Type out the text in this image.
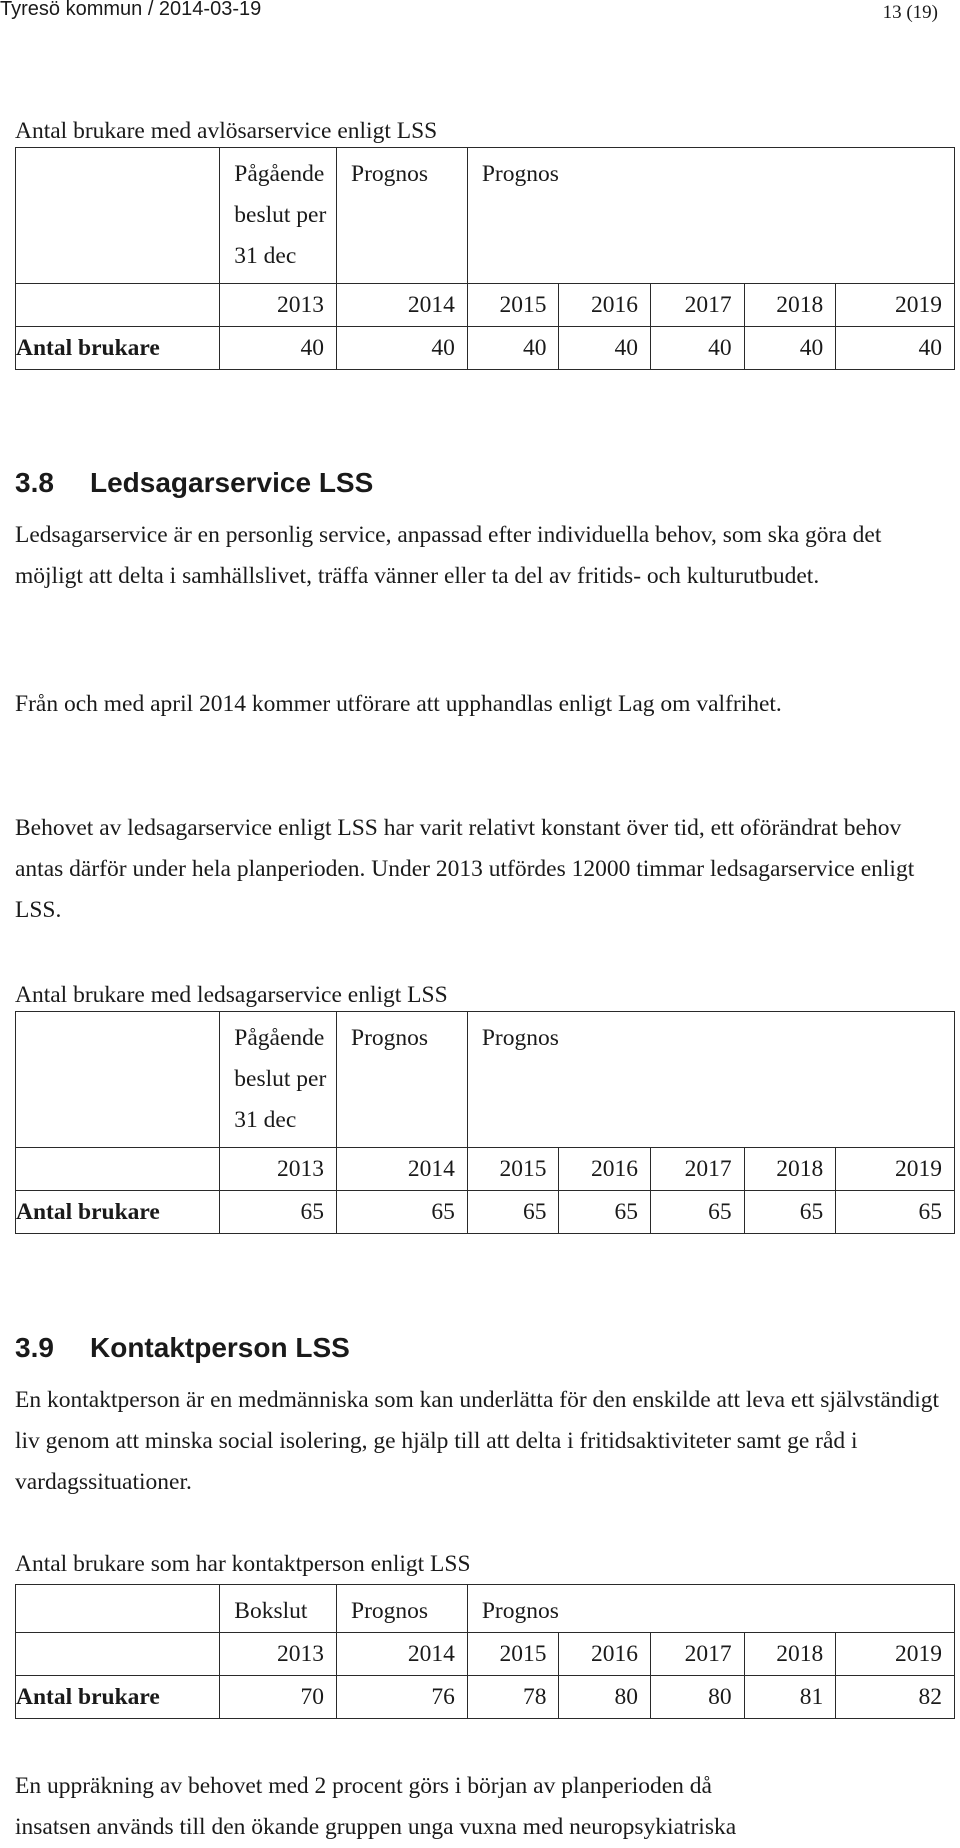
Tyresö kommun / 2014-03-19	13 (19)

Antal brukare med avlösarservice enligt LSS

	Pågående
beslut per
31 dec	Prognos	Prognos				
	2013	2014	2015	2016	2017	2018	2019
Antal brukare	40	40	40	40	40	40	40
3.8 Ledsagarservice LSS

Ledsagarservice är en personlig service, anpassad efter individuella behov, som ska göra det möjligt att delta i samhällslivet, träffa vänner eller ta del av fritids- och kulturutbudet.

Från och med april 2014 kommer utförare att upphandlas enligt Lag om valfrihet.

Behovet av ledsagarservice enligt LSS har varit relativt konstant över tid, ett oförändrat behov antas därför under hela planperioden. Under 2013 utfördes 12000 timmar ledsagarservice enligt LSS.

Antal brukare med ledsagarservice enligt LSS

	Pågående
beslut per
31 dec	Prognos	Prognos				
	2013	2014	2015	2016	2017	2018	2019
Antal brukare	65	65	65	65	65	65	65
3.9 Kontaktperson LSS

En kontaktperson är en medmänniska som kan underlätta för den enskilde att leva ett självständigt liv genom att minska social isolering, ge hjälp till att delta i fritidsaktiviteter samt ge råd i vardagssituationer.

Antal brukare som har kontaktperson enligt LSS

	Bokslut	Prognos	Prognos				
	2013	2014	2015	2016	2017	2018	2019
Antal brukare	70	76	78	80	80	81	82

En uppräkning av behovet med 2 procent görs i början av planperioden då

insatsen används till den ökande gruppen unga vuxna med neuropsykiatriska
